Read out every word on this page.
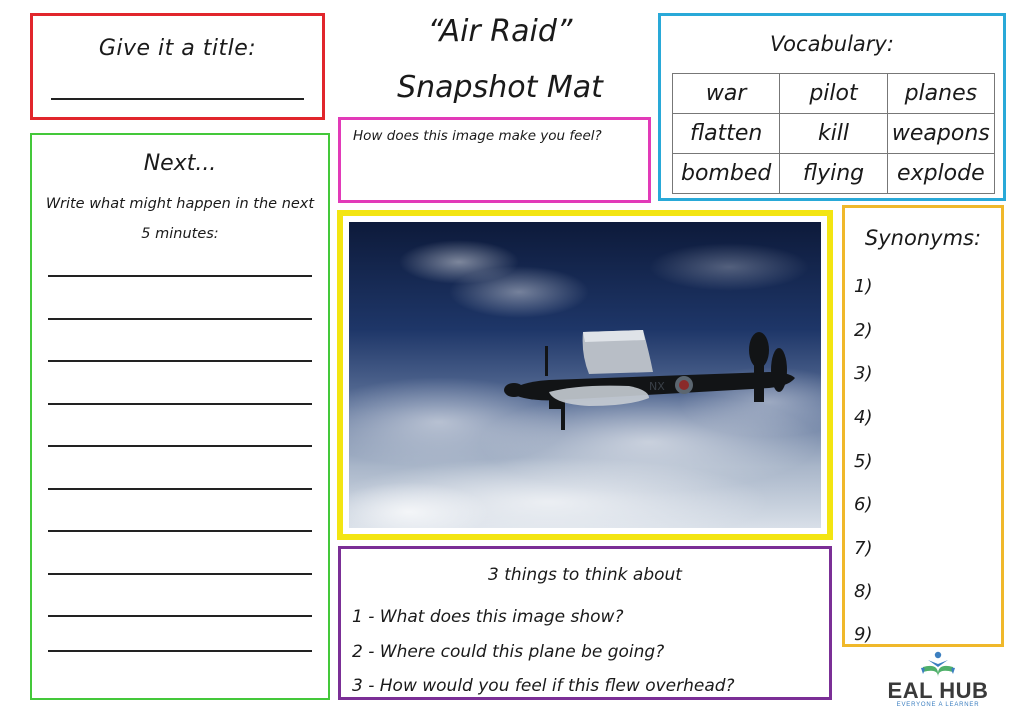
Give it a title:	“Air Raid”
Snapshot Mat
Vocabulary:
war	pilot	planes
flatten	kill	weapons
bombed	flying	explode
How does this image make you feel?
Next...
Write what might happen in the next 5 minutes:
NX
Synonyms:
1)
2)
3)
4)
5)
6)
7)
8)
9)
3 things to think about
1 - What does this image show?
2 - Where could this plane be going?
3 - How would you feel if this flew overhead?	EAL HUB
EVERYONE A LEARNER
